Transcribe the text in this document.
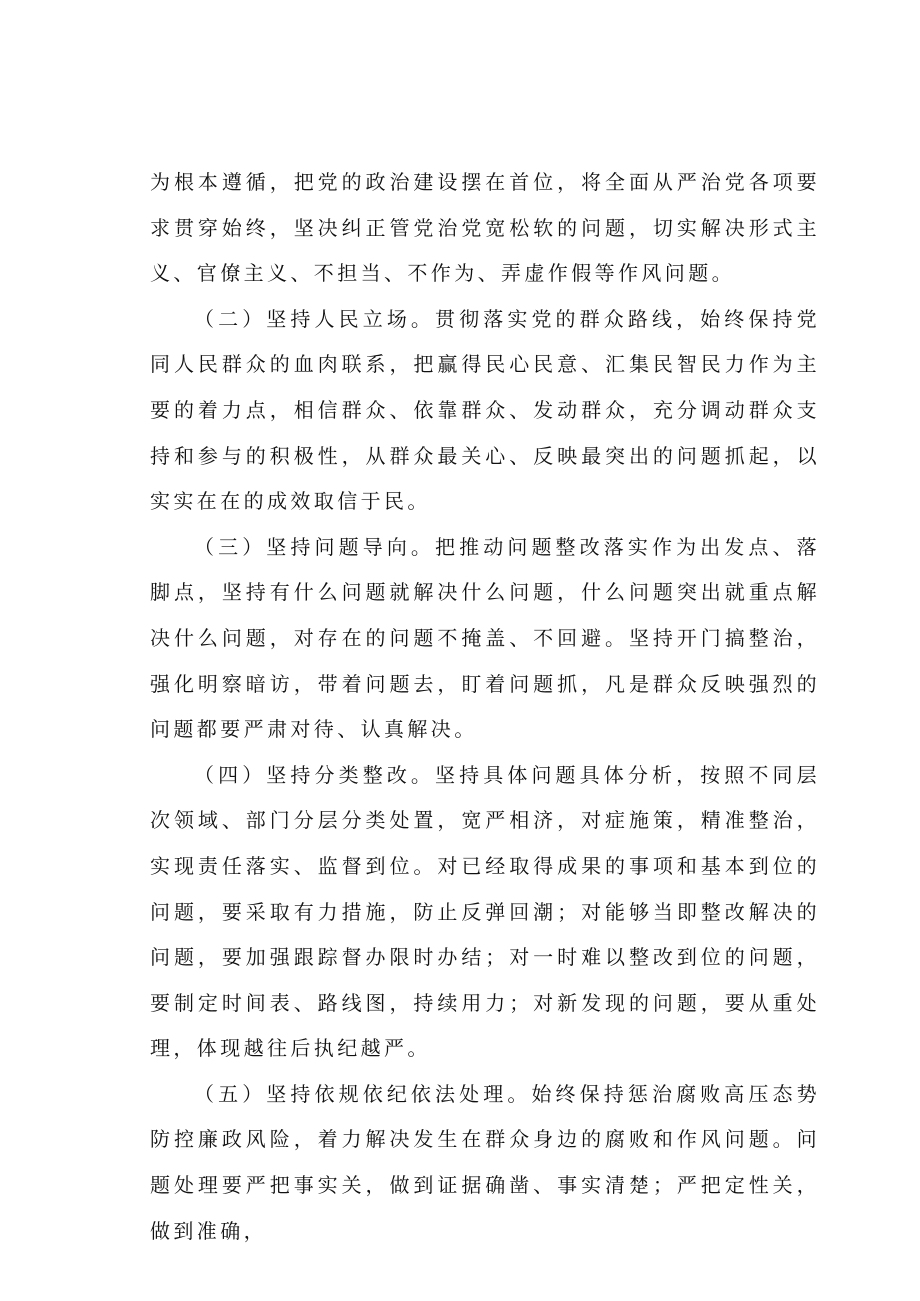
为根本遵循，把党的政治建设摆在首位，将全面从严治党各项要求贯穿始终，坚决纠正管党治党宽松软的问题，切实解决形式主义、官僚主义、不担当、不作为、弄虚作假等作风问题。

（二）坚持人民立场。贯彻落实党的群众路线，始终保持党同人民群众的血肉联系，把赢得民心民意、汇集民智民力作为主要的着力点，相信群众、依靠群众、发动群众，充分调动群众支持和参与的积极性，从群众最关心、反映最突出的问题抓起，以实实在在的成效取信于民。

（三）坚持问题导向。把推动问题整改落实作为出发点、落脚点，坚持有什么问题就解决什么问题，什么问题突出就重点解决什么问题，对存在的问题不掩盖、不回避。坚持开门搞整治，强化明察暗访，带着问题去，盯着问题抓，凡是群众反映强烈的问题都要严肃对待、认真解决。

（四）坚持分类整改。坚持具体问题具体分析，按照不同层次领域、部门分层分类处置，宽严相济，对症施策，精准整治，实现责任落实、监督到位。对已经取得成果的事项和基本到位的问题，要采取有力措施，防止反弹回潮；对能够当即整改解决的问题，要加强跟踪督办限时办结；对一时难以整改到位的问题，要制定时间表、路线图，持续用力；对新发现的问题，要从重处理，体现越往后执纪越严。

（五）坚持依规依纪依法处理。始终保持惩治腐败高压态势防控廉政风险，着力解决发生在群众身边的腐败和作风问题。问题处理要严把事实关，做到证据确凿、事实清楚；严把定性关，做到准确，
